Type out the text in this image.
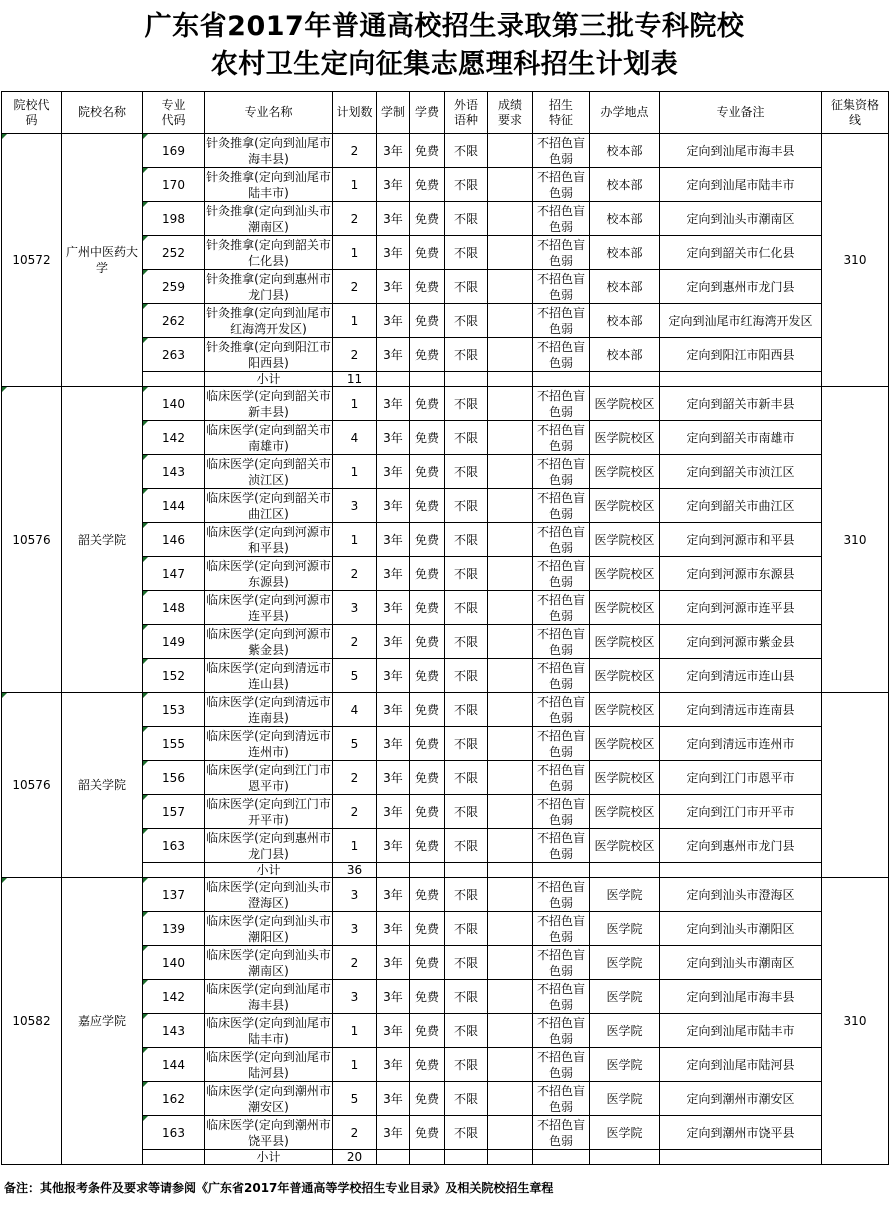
广东省2017年普通高校招生录取第三批专科院校
农村卫生定向征集志愿理科招生计划表
院校代码	院校名称	专业代码	专业名称	计划数	学制	学费	外语语种	成绩要求	招生特征	办学地点	专业备注	征集资格线
10572	广州中医药大学	169	针灸推拿(定向到汕尾市海丰县)	2	3年	免费	不限		不招色盲色弱	校本部	定向到汕尾市海丰县	310
		170	针灸推拿(定向到汕尾市陆丰市)	1	3年	免费	不限		不招色盲色弱	校本部	定向到汕尾市陆丰市	
		198	针灸推拿(定向到汕头市潮南区)	2	3年	免费	不限		不招色盲色弱	校本部	定向到汕头市潮南区	
		252	针灸推拿(定向到韶关市仁化县)	1	3年	免费	不限		不招色盲色弱	校本部	定向到韶关市仁化县	
		259	针灸推拿(定向到惠州市龙门县)	2	3年	免费	不限		不招色盲色弱	校本部	定向到惠州市龙门县	
		262	针灸推拿(定向到汕尾市红海湾开发区)	1	3年	免费	不限		不招色盲色弱	校本部	定向到汕尾市红海湾开发区	
		263	针灸推拿(定向到阳江市阳西县)	2	3年	免费	不限		不招色盲色弱	校本部	定向到阳江市阳西县	
			小计	11								
10576	韶关学院	140	临床医学(定向到韶关市新丰县)	1	3年	免费	不限		不招色盲色弱	医学院校区	定向到韶关市新丰县	310
		142	临床医学(定向到韶关市南雄市)	4	3年	免费	不限		不招色盲色弱	医学院校区	定向到韶关市南雄市	
		143	临床医学(定向到韶关市浈江区)	1	3年	免费	不限		不招色盲色弱	医学院校区	定向到韶关市浈江区	
		144	临床医学(定向到韶关市曲江区)	3	3年	免费	不限		不招色盲色弱	医学院校区	定向到韶关市曲江区	
		146	临床医学(定向到河源市和平县)	1	3年	免费	不限		不招色盲色弱	医学院校区	定向到河源市和平县	
		147	临床医学(定向到河源市东源县)	2	3年	免费	不限		不招色盲色弱	医学院校区	定向到河源市东源县	
		148	临床医学(定向到河源市连平县)	3	3年	免费	不限		不招色盲色弱	医学院校区	定向到河源市连平县	
		149	临床医学(定向到河源市紫金县)	2	3年	免费	不限		不招色盲色弱	医学院校区	定向到河源市紫金县	
		152	临床医学(定向到清远市连山县)	5	3年	免费	不限		不招色盲色弱	医学院校区	定向到清远市连山县	
10576	韶关学院	153	临床医学(定向到清远市连南县)	4	3年	免费	不限		不招色盲色弱	医学院校区	定向到清远市连南县	
		155	临床医学(定向到清远市连州市)	5	3年	免费	不限		不招色盲色弱	医学院校区	定向到清远市连州市	
		156	临床医学(定向到江门市恩平市)	2	3年	免费	不限		不招色盲色弱	医学院校区	定向到江门市恩平市	
		157	临床医学(定向到江门市开平市)	2	3年	免费	不限		不招色盲色弱	医学院校区	定向到江门市开平市	
		163	临床医学(定向到惠州市龙门县)	1	3年	免费	不限		不招色盲色弱	医学院校区	定向到惠州市龙门县	
			小计	36								
10582	嘉应学院	137	临床医学(定向到汕头市澄海区)	3	3年	免费	不限		不招色盲色弱	医学院	定向到汕头市澄海区	310
		139	临床医学(定向到汕头市潮阳区)	3	3年	免费	不限		不招色盲色弱	医学院	定向到汕头市潮阳区	
		140	临床医学(定向到汕头市潮南区)	2	3年	免费	不限		不招色盲色弱	医学院	定向到汕头市潮南区	
		142	临床医学(定向到汕尾市海丰县)	3	3年	免费	不限		不招色盲色弱	医学院	定向到汕尾市海丰县	
		143	临床医学(定向到汕尾市陆丰市)	1	3年	免费	不限		不招色盲色弱	医学院	定向到汕尾市陆丰市	
		144	临床医学(定向到汕尾市陆河县)	1	3年	免费	不限		不招色盲色弱	医学院	定向到汕尾市陆河县	
		162	临床医学(定向到潮州市潮安区)	5	3年	免费	不限		不招色盲色弱	医学院	定向到潮州市潮安区	
		163	临床医学(定向到潮州市饶平县)	2	3年	免费	不限		不招色盲色弱	医学院	定向到潮州市饶平县	
			小计	20								
备注：其他报考条件及要求等请参阅《广东省2017年普通高等学校招生专业目录》及相关院校招生章程
